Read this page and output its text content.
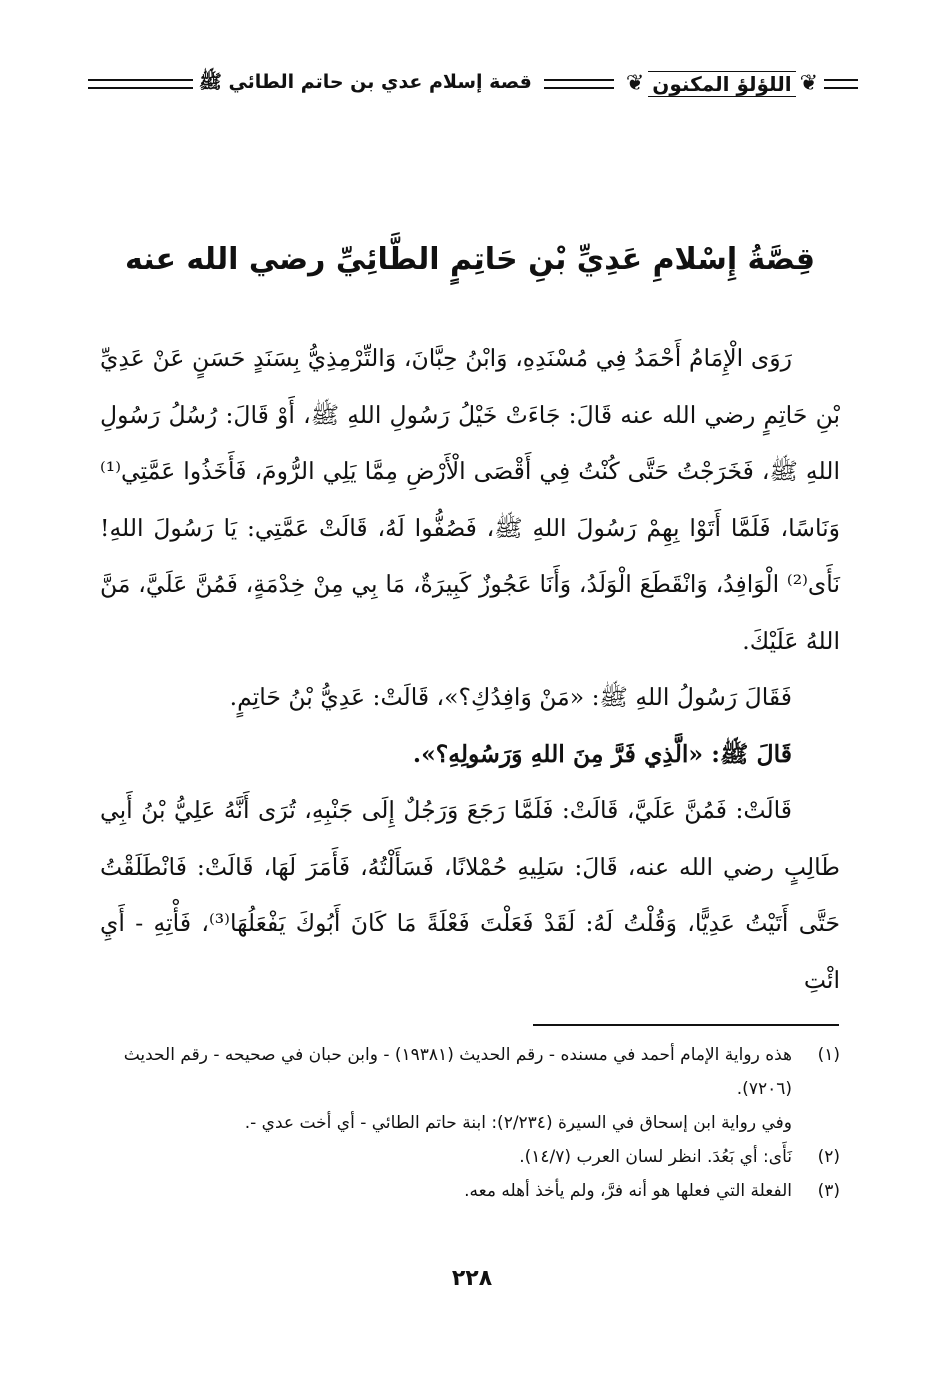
❦
اللؤلؤ المكنون
❦
قصة إسلام عدي بن حاتم الطائي ﷺ
قِصَّةُ إِسْلامِ عَدِيِّ بْنِ حَاتِمٍ الطَّائِيِّ رضي الله عنه

رَوَى الْإِمَامُ أَحْمَدُ فِي مُسْنَدِهِ، وَابْنُ حِبَّانَ، وَالتِّرْمِذِيُّ بِسَنَدٍ حَسَنٍ عَنْ عَدِيِّ بْنِ حَاتِمٍ رضي الله عنه قَالَ: جَاءَتْ خَيْلُ رَسُولِ اللهِ ﷺ، أَوْ قَالَ: رُسُلُ رَسُولِ اللهِ ﷺ، فَخَرَجْتُ حَتَّى كُنْتُ فِي أَقْصَى الْأَرْضِ مِمَّا يَلِي الرُّومَ، فَأَخَذُوا عَمَّتِي⁽¹⁾ وَنَاسًا، فَلَمَّا أَتَوْا بِهِمْ رَسُولَ اللهِ ﷺ، فَصُفُّوا لَهُ، قَالَتْ عَمَّتِي: يَا رَسُولَ اللهِ! نَأَى⁽²⁾ الْوَافِدُ، وَانْقَطَعَ الْوَلَدُ، وَأَنَا عَجُوزٌ كَبِيرَةٌ، مَا بِي مِنْ خِدْمَةٍ، فَمُنَّ عَلَيَّ، مَنَّ اللهُ عَلَيْكَ.

فَقَالَ رَسُولُ اللهِ ﷺ: «مَنْ وَافِدُكِ؟»، قَالَتْ: عَدِيُّ بْنُ حَاتِمٍ.

قَالَ ﷺ: «الَّذِي فَرَّ مِنَ اللهِ وَرَسُولِهِ؟».

قَالَتْ: فَمُنَّ عَلَيَّ، قَالَتْ: فَلَمَّا رَجَعَ وَرَجُلٌ إِلَى جَنْبِهِ، تُرَى أَنَّهُ عَلِيُّ بْنُ أَبِي طَالِبٍ رضي الله عنه، قَالَ: سَلِيهِ حُمْلانًا، فَسَأَلْتُهُ، فَأَمَرَ لَهَا، قَالَتْ: فَانْطَلَقْتُ حَتَّى أَتَيْتُ عَدِيًّا، وَقُلْتُ لَهُ: لَقَدْ فَعَلْتَ فَعْلَةً مَا كَانَ أَبُوكَ يَفْعَلُهَا⁽³⁾، فَأْتِهِ - أَيِ ائْتِ

(١)
هذه رواية الإمام أحمد في مسنده - رقم الحديث (١٩٣٨١) - وابن حبان في صحيحه - رقم الحديث (٧٢٠٦).
وفي رواية ابن إسحاق في السيرة (٢/٢٣٤): ابنة حاتم الطائي - أي أخت عدي -.
(٢)
نَأَى: أي بَعُدَ. انظر لسان العرب (١٤/٧).
(٣)
الفعلة التي فعلها هو أنه فرَّ، ولم يأخذ أهله معه.
٢٢٨
